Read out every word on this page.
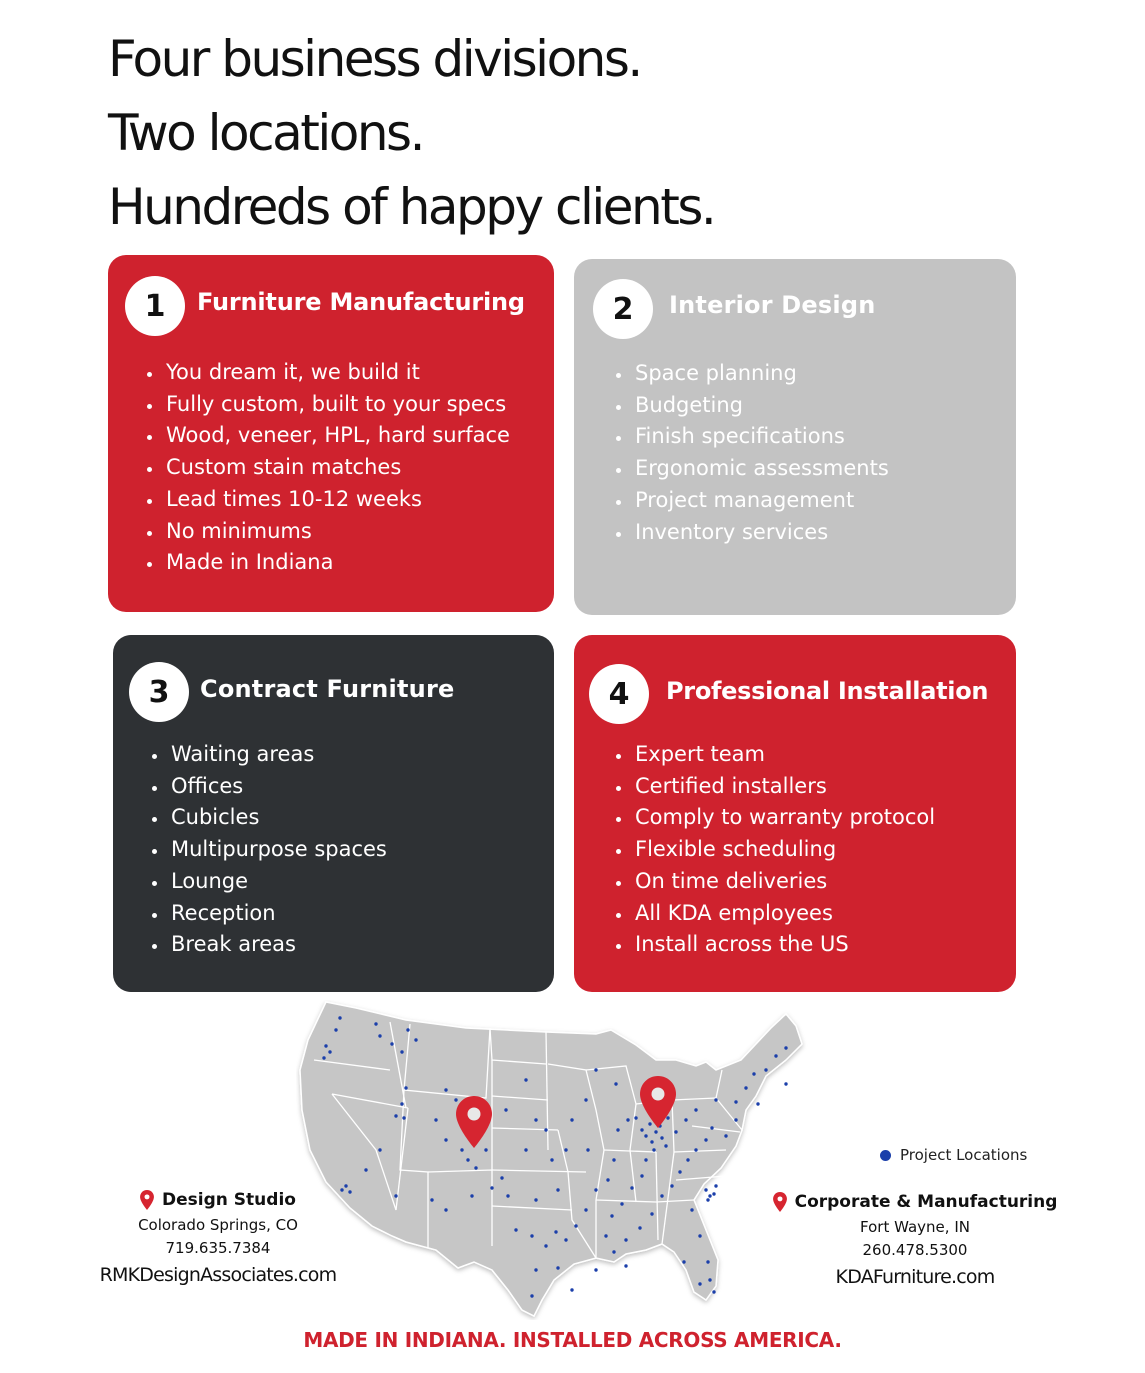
Four business divisions.
Two locations.
Hundreds of happy clients.
1	Furniture Manufacturing
• You dream it, we build it
• Fully custom, built to your specs
• Wood, veneer, HPL, hard surface
• Custom stain matches
• Lead times 10-12 weeks
• No minimums
• Made in Indiana
2	Interior Design
• Space planning
• Budgeting
• Finish specifications
• Ergonomic assessments
• Project management
• Inventory services
3	Contract Furniture
• Waiting areas
• Offices
• Cubicles
• Multipurpose spaces
• Lounge
• Reception
• Break areas
4	Professional Installation
• Expert team
• Certified installers
• Comply to warranty protocol
• Flexible scheduling
• On time deliveries
• All KDA employees
• Install across the US
Project Locations
Design Studio
Colorado Springs, CO
719.635.7384
RMKDesignAssociates.com
Corporate & Manufacturing
Fort Wayne, IN
260.478.5300
KDAFurniture.com
MADE IN INDIANA. INSTALLED ACROSS AMERICA.
